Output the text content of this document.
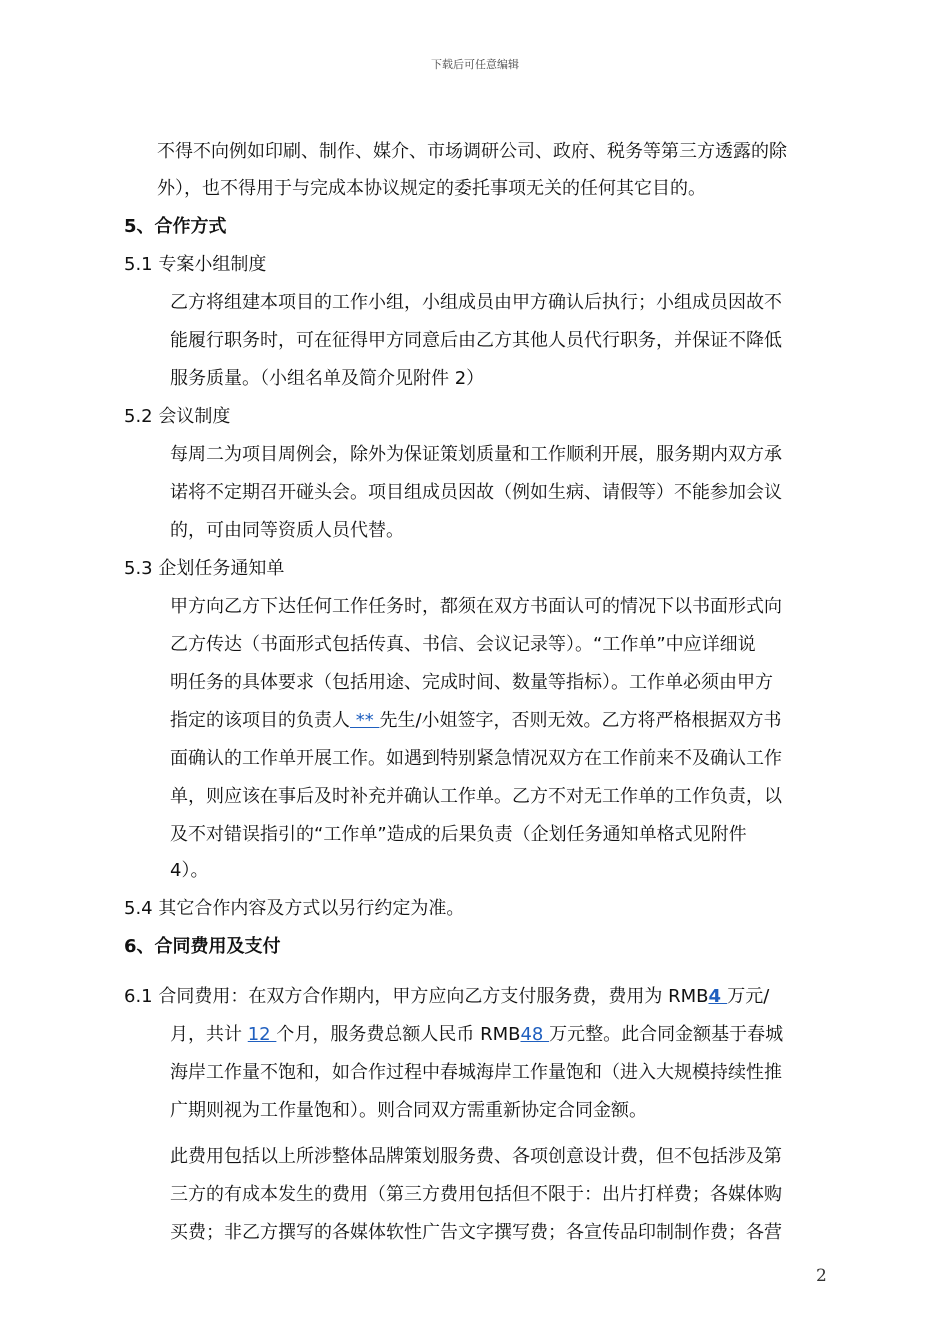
下载后可任意编辑
不得不向例如印刷、制作、媒介、市场调研公司、政府、税务等第三方透露的除
外），也不得用于与完成本协议规定的委托事项无关的任何其它目的。
5、合作方式
5.1 专案小组制度
乙方将组建本项目的工作小组，小组成员由甲方确认后执行；小组成员因故不
能履行职务时，可在征得甲方同意后由乙方其他人员代行职务，并保证不降低
服务质量。（小组名单及简介见附件 2）
5.2 会议制度
每周二为项目周例会，除外为保证策划质量和工作顺利开展，服务期内双方承
诺将不定期召开碰头会。项目组成员因故（例如生病、请假等）不能参加会议
的，可由同等资质人员代替。
5.3 企划任务通知单
甲方向乙方下达任何工作任务时，都须在双方书面认可的情况下以书面形式向
乙方传达（书面形式包括传真、书信、会议记录等）。“工作单”中应详细说
明任务的具体要求（包括用途、完成时间、数量等指标）。工作单必须由甲方
指定的该项目的负责人 ** 先生/小姐签字，否则无效。乙方将严格根据双方书
面确认的工作单开展工作。如遇到特别紧急情况双方在工作前来不及确认工作
单，则应该在事后及时补充并确认工作单。乙方不对无工作单的工作负责，以
及不对错误指引的“工作单”造成的后果负责（企划任务通知单格式见附件
4）。
5.4 其它合作内容及方式以另行约定为准。
6、合同费用及支付
6.1 合同费用：在双方合作期内，甲方应向乙方支付服务费，费用为 RMB4 万元/
月，共计 12 个月，服务费总额人民币 RMB48 万元整。此合同金额基于春城
海岸工作量不饱和，如合作过程中春城海岸工作量饱和（进入大规模持续性推
广期则视为工作量饱和）。则合同双方需重新协定合同金额。
此费用包括以上所涉整体品牌策划服务费、各项创意设计费，但不包括涉及第
三方的有成本发生的费用（第三方费用包括但不限于：出片打样费；各媒体购
买费；非乙方撰写的各媒体软性广告文字撰写费；各宣传品印制制作费；各营
2
